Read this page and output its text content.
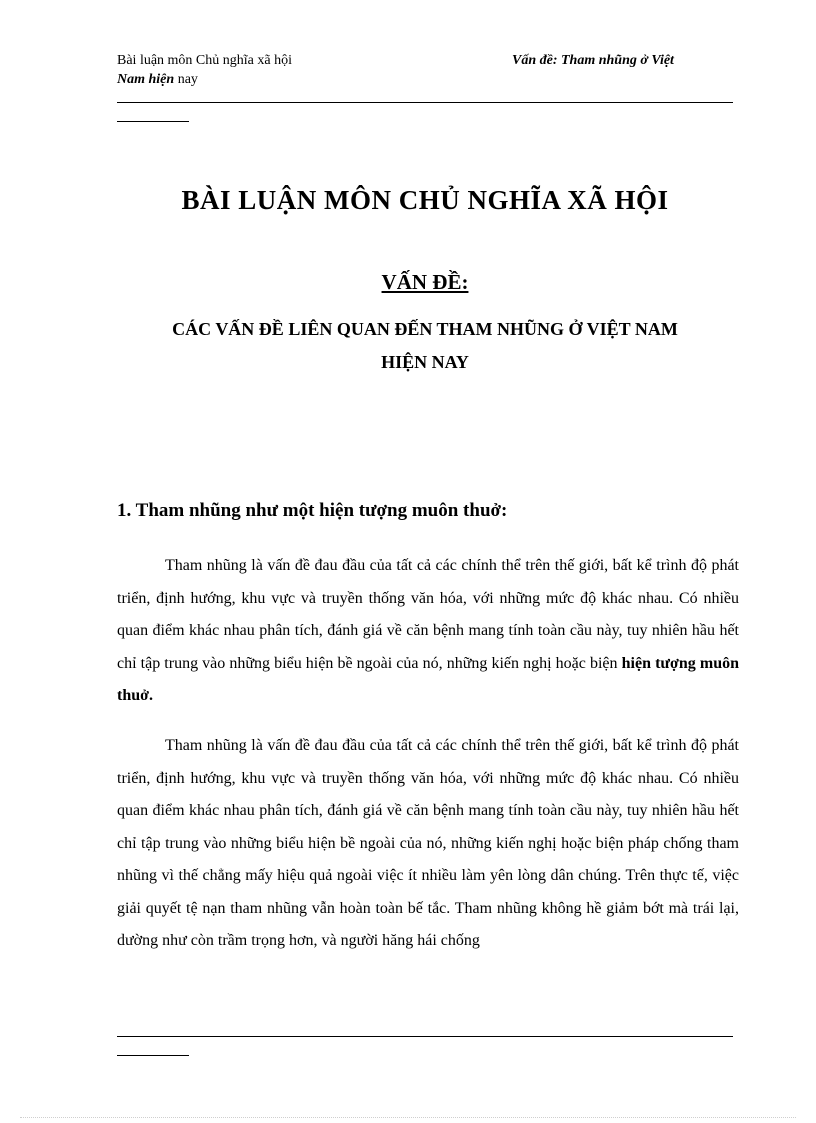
Bài luận môn Chủ nghĩa xã hội
Nam hiện nay
Vấn đề: Tham nhũng ở Việt
BÀI LUẬN MÔN CHỦ NGHĨA XÃ HỘI
VẤN ĐỀ:
CÁC VẤN ĐỀ LIÊN QUAN ĐẾN THAM NHŨNG Ở VIỆT NAM
HIỆN NAY
1. Tham nhũng như một hiện tượng muôn thuở:

Tham nhũng là vấn đề đau đầu của tất cả các chính thể trên thế giới, bất kể trình độ phát triển, định hướng, khu vực và truyền thống văn hóa, với những mức độ khác nhau. Có nhiều quan điểm khác nhau phân tích, đánh giá về căn bệnh mang tính toàn cầu này, tuy nhiên hầu hết chỉ tập trung vào những biểu hiện bề ngoài của nó, những kiến nghị hoặc biện hiện tượng muôn thuở.

Tham nhũng là vấn đề đau đầu của tất cả các chính thể trên thế giới, bất kể trình độ phát triển, định hướng, khu vực và truyền thống văn hóa, với những mức độ khác nhau. Có nhiều quan điểm khác nhau phân tích, đánh giá về căn bệnh mang tính toàn cầu này, tuy nhiên hầu hết chỉ tập trung vào những biểu hiện bề ngoài của nó, những kiến nghị hoặc biện pháp chống tham nhũng vì thế chẳng mấy hiệu quả ngoài việc ít nhiều làm yên lòng dân chúng. Trên thực tế, việc giải quyết tệ nạn tham nhũng vẫn hoàn toàn bế tắc. Tham nhũng không hề giảm bớt mà trái lại, dường như còn trầm trọng hơn, và người hăng hái chống
